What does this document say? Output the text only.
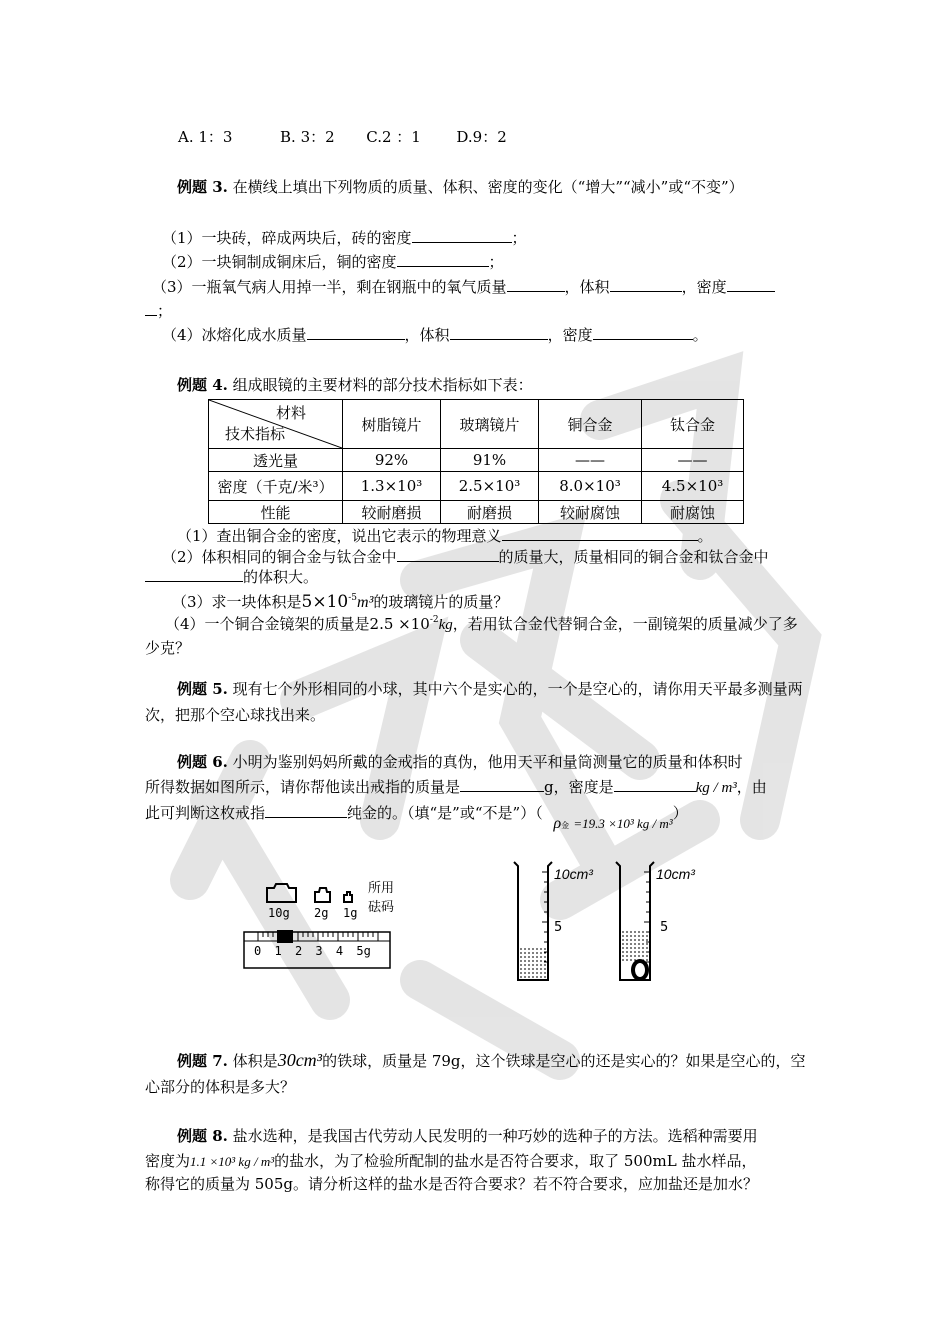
A. 1：3	B. 3：2 C.2 ：1 D.9：2
例题 3. 在横线上填出下列物质的质量、体积、密度的变化（“增大”“减小”或“不变”）
（1）一块砖，碎成两块后，砖的密度	；
（2）一块铜制成铜床后，铜的密度	；
（3）一瓶氧气病人用掉一半，剩在钢瓶中的氧气质量	，体积	，密度
；
（4）冰熔化成水质量	，体积	，密度	。
例题 4. 组成眼镜的主要材料的部分技术指标如下表：
材料
技术指标	树脂镜片	玻璃镜片	铜合金	钛合金
透光量	92%	91%	——	——
密度（千克/米³）	1.3×10³	2.5×10³	8.0×10³	4.5×10³
性能	较耐磨损	耐磨损	较耐腐蚀	耐腐蚀
（1）查出铜合金的密度，说出它表示的物理意义	。
（2）体积相同的铜合金与钛合金中	的质量大，质量相同的铜合金和钛合金中
的体积大。
（3）求一块体积是$5\times 10^{-5}m^3$的玻璃镜片的质量？
（4）一个铜合金镜架的质量是$2.5 \times 10^{-2}kg$，若用钛合金代替铜合金，一副镜架的质量减少了多少克？
例题 5. 现有七个外形相同的小球，其中六个是实心的，一个是空心的，请你用天平最多测量两次，把那个空心球找出来。
例题 6. 小明为鉴别妈妈所戴的金戒指的真伪，他用天平和量筒测量它的质量和体积时
所得数据如图所示，请你帮他读出戒指的质量是	g，密度是	kg / m³，由
此可判断这枚戒指	纯金的。（填“是”或“不是”）（ ρ金 =19.3 ×10³ kg / m³）
所用砝码
10g 2g 1g
0 1 2 3 4 5g
10cm³
5
10cm³
5
例题 7. 体积是30cm³的铁球，质量是 79g，这个铁球是空心的还是实心的？如果是空心的，空心部分的体积是多大？
例题 8. 盐水选种，是我国古代劳动人民发明的一种巧妙的选种子的方法。选稻种需要用
密度为1.1 ×10³ kg / m³的盐水，为了检验所配制的盐水是否符合要求，取了 500mL 盐水样品，
称得它的质量为 505g。请分析这样的盐水是否符合要求？若不符合要求，应加盐还是加水？
